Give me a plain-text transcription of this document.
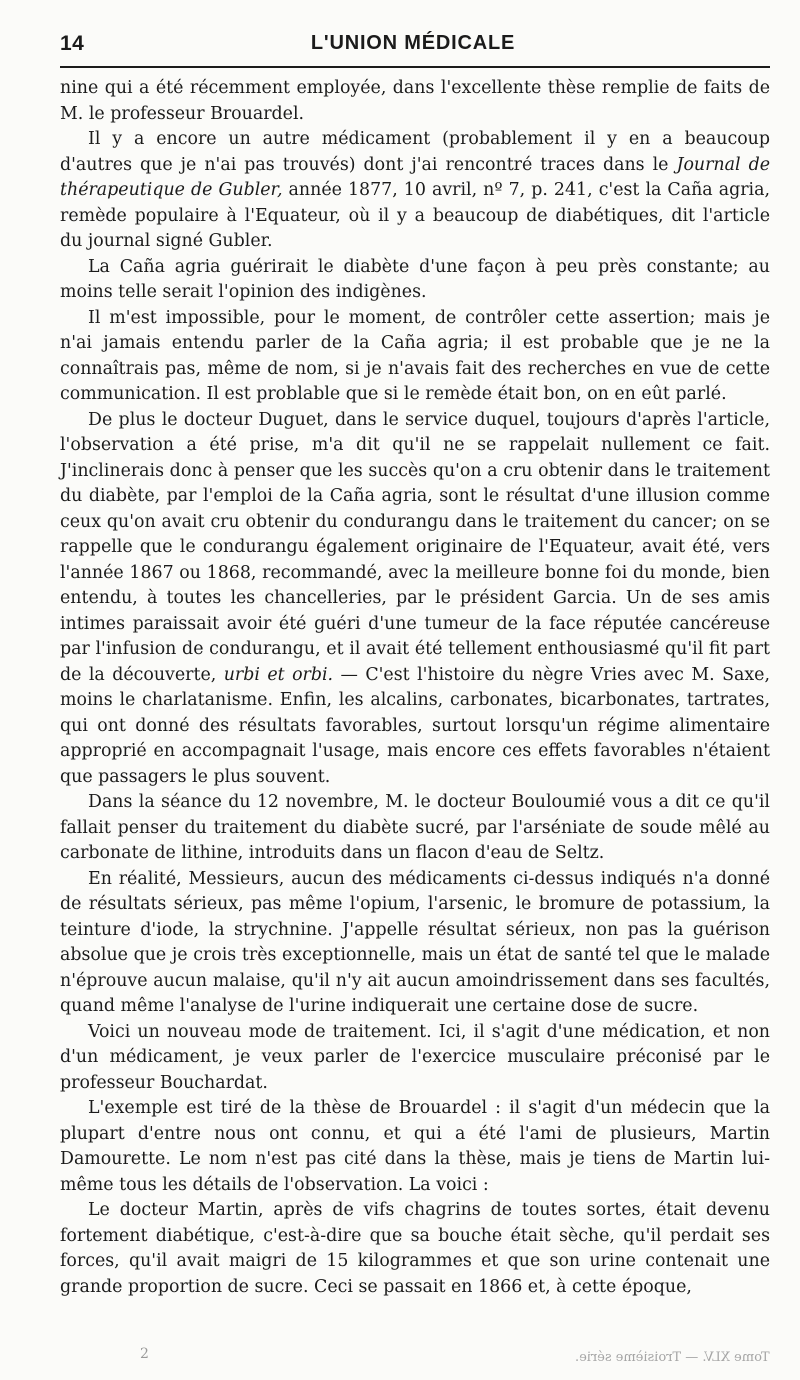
14	L'UNION MÉDICALE

nine qui a été récemment employée, dans l'excellente thèse remplie de faits de M. le professeur Brouardel.

Il y a encore un autre médicament (probablement il y en a beaucoup d'autres que je n'ai pas trouvés) dont j'ai rencontré traces dans le Journal de thérapeutique de Gubler, année 1877, 10 avril, nº 7, p. 241, c'est la Caña agria, remède populaire à l'Equateur, où il y a beaucoup de diabétiques, dit l'article du journal signé Gubler.

La Caña agria guérirait le diabète d'une façon à peu près constante; au moins telle serait l'opinion des indigènes.

Il m'est impossible, pour le moment, de contrôler cette assertion; mais je n'ai jamais entendu parler de la Caña agria; il est probable que je ne la connaîtrais pas, même de nom, si je n'avais fait des recherches en vue de cette communication. Il est problable que si le remède était bon, on en eût parlé.

De plus le docteur Duguet, dans le service duquel, toujours d'après l'article, l'observation a été prise, m'a dit qu'il ne se rappelait nullement ce fait. J'inclinerais donc à penser que les succès qu'on a cru obtenir dans le traitement du diabète, par l'emploi de la Caña agria, sont le résultat d'une illusion comme ceux qu'on avait cru obtenir du condurangu dans le traitement du cancer; on se rappelle que le condurangu également originaire de l'Equateur, avait été, vers l'année 1867 ou 1868, recommandé, avec la meilleure bonne foi du monde, bien entendu, à toutes les chancelleries, par le président Garcia. Un de ses amis intimes paraissait avoir été guéri d'une tumeur de la face réputée cancéreuse par l'infusion de condurangu, et il avait été tellement enthousiasmé qu'il fit part de la découverte, urbi et orbi. — C'est l'histoire du nègre Vries avec M. Saxe, moins le charlatanisme. Enfin, les alcalins, carbonates, bicarbonates, tartrates, qui ont donné des résultats favorables, surtout lorsqu'un régime alimentaire approprié en accompagnait l'usage, mais encore ces effets favorables n'étaient que passagers le plus souvent.

Dans la séance du 12 novembre, M. le docteur Bouloumié vous a dit ce qu'il fallait penser du traitement du diabète sucré, par l'arséniate de soude mêlé au carbonate de lithine, introduits dans un flacon d'eau de Seltz.

En réalité, Messieurs, aucun des médicaments ci-dessus indiqués n'a donné de résultats sérieux, pas même l'opium, l'arsenic, le bromure de potassium, la teinture d'iode, la strychnine. J'appelle résultat sérieux, non pas la guérison absolue que je crois très exceptionnelle, mais un état de santé tel que le malade n'éprouve aucun malaise, qu'il n'y ait aucun amoindrissement dans ses facultés, quand même l'analyse de l'urine indiquerait une certaine dose de sucre.

Voici un nouveau mode de traitement. Ici, il s'agit d'une médication, et non d'un médicament, je veux parler de l'exercice musculaire préconisé par le professeur Bouchardat.

L'exemple est tiré de la thèse de Brouardel : il s'agit d'un médecin que la plupart d'entre nous ont connu, et qui a été l'ami de plusieurs, Martin Damourette. Le nom n'est pas cité dans la thèse, mais je tiens de Martin lui-même tous les détails de l'observation. La voici :

Le docteur Martin, après de vifs chagrins de toutes sortes, était devenu fortement diabétique, c'est-à-dire que sa bouche était sèche, qu'il perdait ses forces, qu'il avait maigri de 15 kilogrammes et que son urine contenait une grande proportion de sucre. Ceci se passait en 1866 et, à cette époque,

2	Tome XLV. — Troisième série.
